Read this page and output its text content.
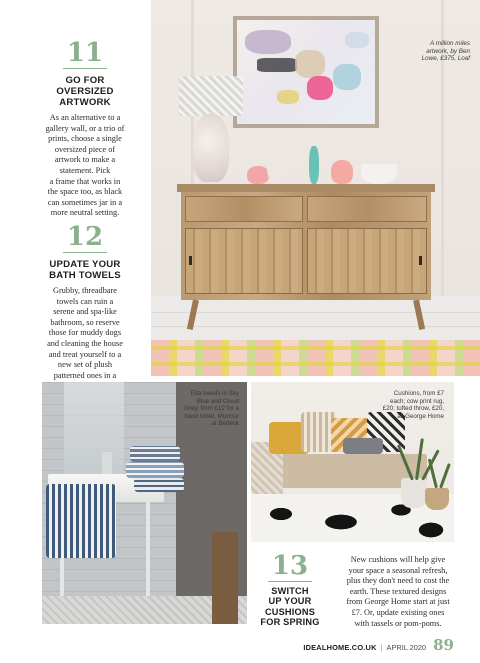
11
GO FOR
OVERSIZED
ARTWORK
As an alternative to a
gallery wall, or a trio of
prints, choose a single
oversized piece of
artwork to make a
statement. Pick
a frame that works in
the space too, as black
can sometimes jar in a
more neutral setting.
12
UPDATE YOUR
BATH TOWELS
Grubby, threadbare
towels can ruin a
serene and spa-like
bathroom, so reserve
those for muddy dogs
and cleaning the house
and treat yourself to a
new set of plush
patterned ones in a
A million miles
artwork, by Ben
Lowe, £375, Loaf
Ella towels in Sky
Blue and Cloud
Grey, from £12 for a
hand towel, Murmur
at Bedeck
Cushions, from £7
each; cow print rug,
£20; tufted throw, £20,
all George Home
13
SWITCH
UP YOUR
CUSHIONS
FOR SPRING
New cushions will help give
your space a seasonal refresh,
plus they don't need to cost the
earth. These textured designs
from George Home start at just
£7. Or, update existing ones
with tassels or pom-poms.
IDEALHOME.CO.UK | APRIL 2020 89
